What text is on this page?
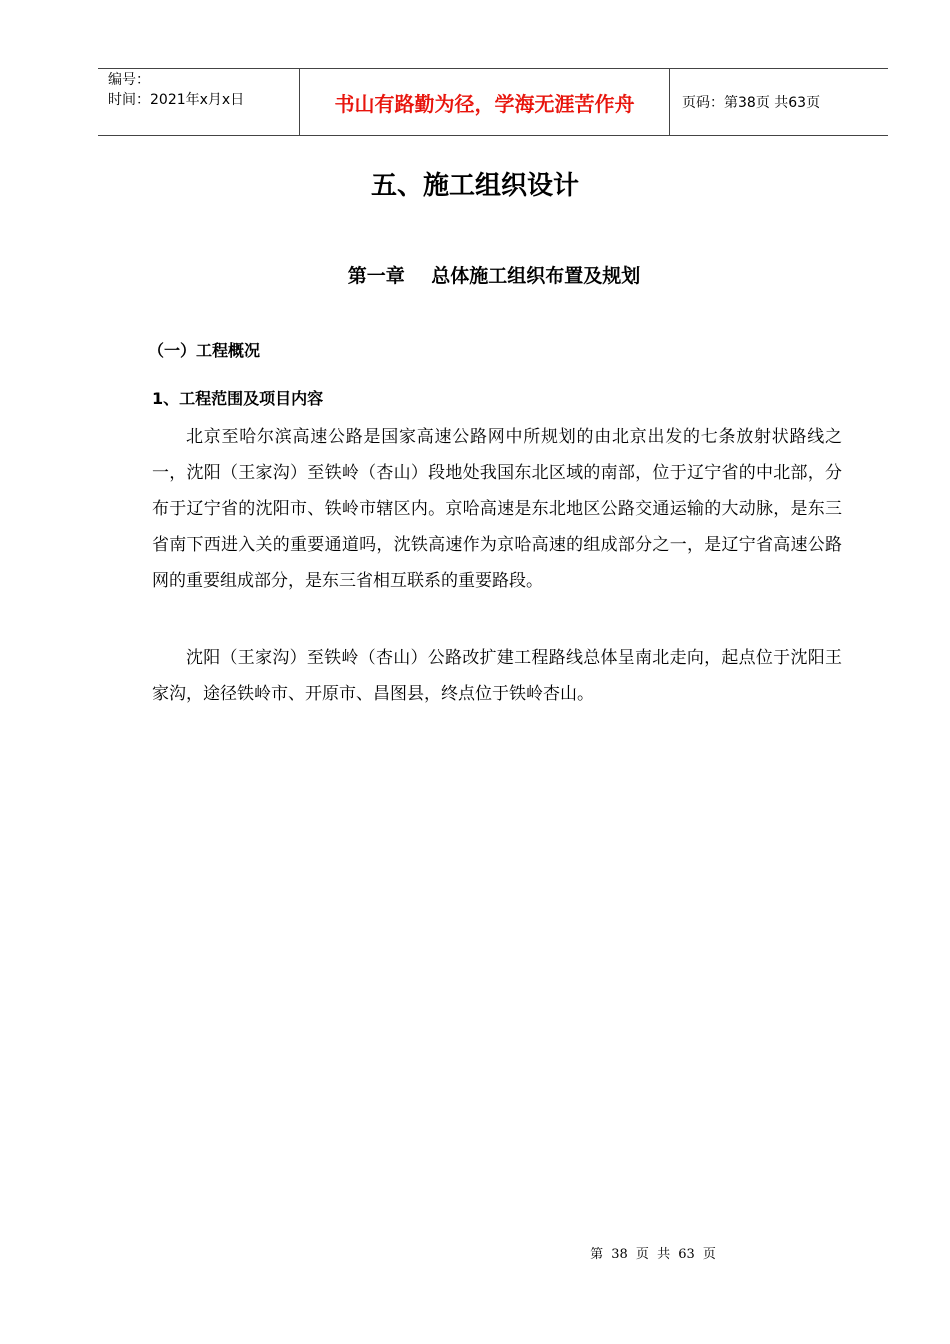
编号：
时间：2021年x月x日	书山有路勤为径，学海无涯苦作舟	页码：第38页 共63页
五、施工组织设计
第一章    总体施工组织布置及规划
（一）工程概况
1、工程范围及项目内容

北京至哈尔滨高速公路是国家高速公路网中所规划的由北京出发的七条放射状路线之一，沈阳（王家沟）至铁岭（杏山）段地处我国东北区域的南部，位于辽宁省的中北部，分布于辽宁省的沈阳市、铁岭市辖区内。京哈高速是东北地区公路交通运输的大动脉，是东三省南下西进入关的重要通道吗，沈铁高速作为京哈高速的组成部分之一，是辽宁省高速公路网的重要组成部分，是东三省相互联系的重要路段。

沈阳（王家沟）至铁岭（杏山）公路改扩建工程路线总体呈南北走向，起点位于沈阳王家沟，途径铁岭市、开原市、昌图县，终点位于铁岭杏山。

第 38 页 共 63 页
